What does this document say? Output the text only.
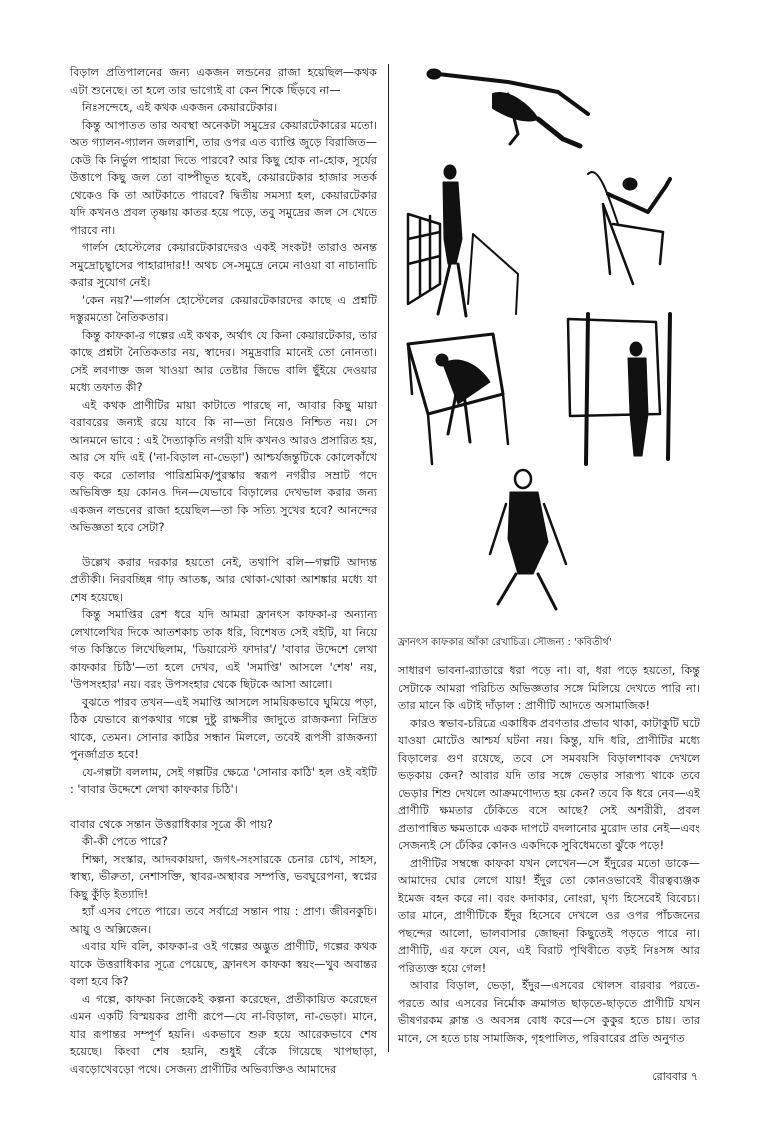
বিড়াল প্রতিপালনের জন্য একজন লন্ডনের রাজা হয়েছিল—কথক এটা শুনেছে। তা হলে তার ভাগ্যেই বা কেন শিকে ছিঁড়বে না—

নিঃসন্দেহে, এই কথক একজন কেয়ারটেকার।

কিন্তু আপাতত তার অবস্থা অনেকটা সমুদ্রের কেয়ারটেকারের মতো। অত গ্যালন-গ্যালন জলরাশি, তার ওপর এত ব্যাপ্তি জুড়ে বিরাজিত—কেউ কি নির্ভুল পাহারা দিতে পারবে? আর কিছু হোক না-হোক, সূর্যের উত্তাপে কিছু জল তো বাষ্পীভূত হবেই, কেয়ারটেকার হাজার সতর্ক থেকেও কি তা আটকাতে পারবে? দ্বিতীয় সমস্যা হল, কেয়ারটেকার যদি কখনও প্রবল তৃষ্ণায় কাতর হয়ে পড়ে, তবু সমুদ্রের জল সে খেতে পারবে না।

গার্লস হোস্টেলের কেয়ারটেকারদেরও একই সংকট! তারাও অনন্ত সমুদ্রোচ্ছ্বাসের পাহারাদার!! অথচ সে-সমুদ্রে নেমে নাওয়া বা নাচানাচি করার সুযোগ নেই।

'কেন নয়?'—গার্লস হোস্টেলের কেয়ারটেকারদের কাছে এ প্রশ্নটি দস্তুরমতো নৈতিকতার।

কিন্তু কাফকা-র গল্পের এই কথক, অর্থাৎ যে কিনা কেয়ারটেকার, তার কাছে প্রশ্নটা নৈতিকতার নয়, স্বাদের। সমুদ্রবারি মানেই তো নোনতা। সেই লবণাক্ত জল খাওয়া আর তেষ্টার জিভে বালি ছুঁইয়ে দেওয়ার মধ্যে তফাত কী?

এই কথক প্রাণীটির মায়া কাটাতে পারছে না, আবার কিছু মায়া বরাবরের জন্যই রয়ে যাবে কি না—তা নিয়েও নিশ্চিত নয়। সে আনমনে ভাবে : এই দৈত্যাকৃতি নগরী যদি কখনও আরও প্রসারিত হয়, আর সে যদি এই ('না-বিড়াল না-ভেড়া') আশ্চর্যজন্তুটিকে কোলেকাঁখে বড় করে তোলার পারিশ্রমিক/পুরস্কার স্বরূপ নগরীর সম্রাট পদে অভিষিক্ত হয় কোনও দিন—যেভাবে বিড়ালের দেখভাল করার জন্য একজন লন্ডনের রাজা হয়েছিল—তা কি সত্যি সুখের হবে? আনন্দের অভিজ্ঞতা হবে সেটা?

উল্লেখ করার দরকার হয়তো নেই, তথাপি বলি—গল্পটি আদ্যন্ত প্রতীকী। নিরবচ্ছিন্ন গাঢ় আতঙ্ক, আর থোকা-থোকা আশঙ্কার মধ্যে যা শেষ হয়েছে।

কিন্তু সমাপ্তির রেশ ধরে যদি আমরা ফ্রানৎস কাফকা-র অন্যান্য লেখালেখির দিকে আতশকাচ তাক ধরি, বিশেষত সেই বইটি, যা নিয়ে গত কিস্তিতে লিখেছিলাম, 'ডিয়ারেস্ট ফাদার'/ 'বাবার উদ্দেশে লেখা কাফকার চিঠি'—তা হলে দেখব, এই 'সমাপ্তি' আসলে 'শেষ' নয়, 'উপসংহার' নয়। বরং উপসংহার থেকে ছিটকে আসা আলো।

বুঝতে পারব তখন—এই সমাপ্তি আসলে সাময়িকভাবে ঘুমিয়ে পড়া, ঠিক যেভাবে রূপকথার গল্পে দুষ্টু রাক্ষসীর জাদুতে রাজকন্যা নিদ্রিত থাকে, তেমন। সোনার কাঠির সন্ধান মিললে, তবেই রূপসী রাজকন্যা পুনর্জাগ্রত হবে!

যে-গল্পটা বললাম, সেই গল্পটির ক্ষেত্রে 'সোনার কাঠি' হল ওই বইটি : 'বাবার উদ্দেশে লেখা কাফকার চিঠি'।

বাবার থেকে সন্তান উত্তরাধিকার সূত্রে কী পায়?

কী-কী পেতে পারে?

শিক্ষা, সংস্কার, আদবকায়দা, জগৎ-সংসারকে চেনার চোখ, সাহস, স্বাস্থ্য, ভীরুতা, নেশাসক্তি, স্থাবর-অস্থাবর সম্পত্তি, ভবঘুরেপনা, স্বপ্নের কিছু কুঁড়ি ইত্যাদি!

হ্যাঁ এসব পেতে পারে। তবে সর্বাগ্রে সন্তান পায় : প্রাণ। জীবনকুচি। আয়ু ও অক্সিজেন।

এবার যদি বলি, কাফকা-র ওই গল্পের অদ্ভুত প্রাণীটি, গল্পের কথক যাকে উত্তরাধিকার সূত্রে পেয়েছে, ফ্রানৎস কাফকা স্বয়ং—খুব অবান্তর বলা হবে কি?

এ গল্পে, কাফকা নিজেকেই কল্পনা করেছেন, প্রতীকায়িত করেছেন এমন একটি বিস্ময়কর প্রাণী রূপে—যে না-বিড়াল, না-ভেড়া। মানে, যার রূপান্তর সম্পূর্ণ হয়নি। একভাবে শুরু হয়ে আরেকভাবে শেষ হয়েছে। কিংবা শেষ হয়নি, শুধুই বেঁকে গিয়েছে খাপছাড়া, এবড়োখেবড়ো পথে। সেজন্য প্রাণীটির অভিব্যক্তিও আমাদের

ফ্রানৎস কাফকার আঁকা রেখাচিত্র। সৌজন্য : 'কবিতীর্থ'

সাধারণ ভাবনা-র‍্যাডারে ধরা পড়ে না। বা, ধরা পড়ে হয়তো, কিন্তু সেটাকে আমরা পরিচিত অভিজ্ঞতার সঙ্গে মিলিয়ে দেখতে পারি না। তার মানে কি এটাই দাঁড়াল : প্রাণীটি আদতে অসামাজিক!

কারও স্বভাব-চরিত্রে একাধিক প্রবণতার প্রভাব থাকা, কাটাকুটি ঘটে যাওয়া মোটেও আশ্চর্য ঘটনা নয়। কিন্তু, যদি ধরি, প্রাণীটির মধ্যে বিড়ালের গুণ রয়েছে, তবে সে সমবয়সি বিড়ালশাবক দেখলে ভড়কায় কেন? আবার যদি তার সঙ্গে ভেড়ার সারূপ্য থাকে তবে ভেড়ার শিশু দেখলে আক্রমণোদ্যত হয় কেন? তবে কি ধরে নেব—এই প্রাণীটি ক্ষমতার ঢেঁকিতে বসে আছে? সেই অশরীরী, প্রবল প্রতাপান্বিত ক্ষমতাকে একক দাপটে বদলানোর মুরোদ তার নেই—এবং সেজন্যই সে ঢেঁকির কোনও একদিকে সুবিধেমতো ঝুঁকে পড়ে!

প্রাণীটির সম্বন্ধে কাফকা যখন লেখেন—সে ইঁদুরের মতো ডাকে—আমাদের ঘোর লেগে যায়! ইঁদুর তো কোনওভাবেই বীরত্বব্যঞ্জক ইমেজ বহন করে না। বরং কদাকার, নোংরা, ঘৃণ্য হিসেবেই বিবেচ্য। তার মানে, প্রাণীটিকে ইঁদুর হিসেবে দেখলে ওর ওপর পাঁচজনের পছন্দের আলো, ভালবাসার জোছনা কিছুতেই পড়তে পারে না। প্রাণীটি, এর ফলে যেন, এই বিরাট পৃথিবীতে বড়ই নিঃসঙ্গ আর পরিত্যক্ত হয়ে গেল!

আবার বিড়াল, ভেড়া, ইঁদুর—এসবের খোলস বারবার পরতে-পরতে আর এসবের নির্মোক ক্রমাগত ছাড়তে-ছাড়তে প্রাণীটি যখন ভীষণরকম ক্লান্ত ও অবসন্ন বোধ করে—সে কুকুর হতে চায়। তার মানে, সে হতে চায় সামাজিক, গৃহপালিত, পরিবারের প্রতি অনুগত

রোববার ৭
